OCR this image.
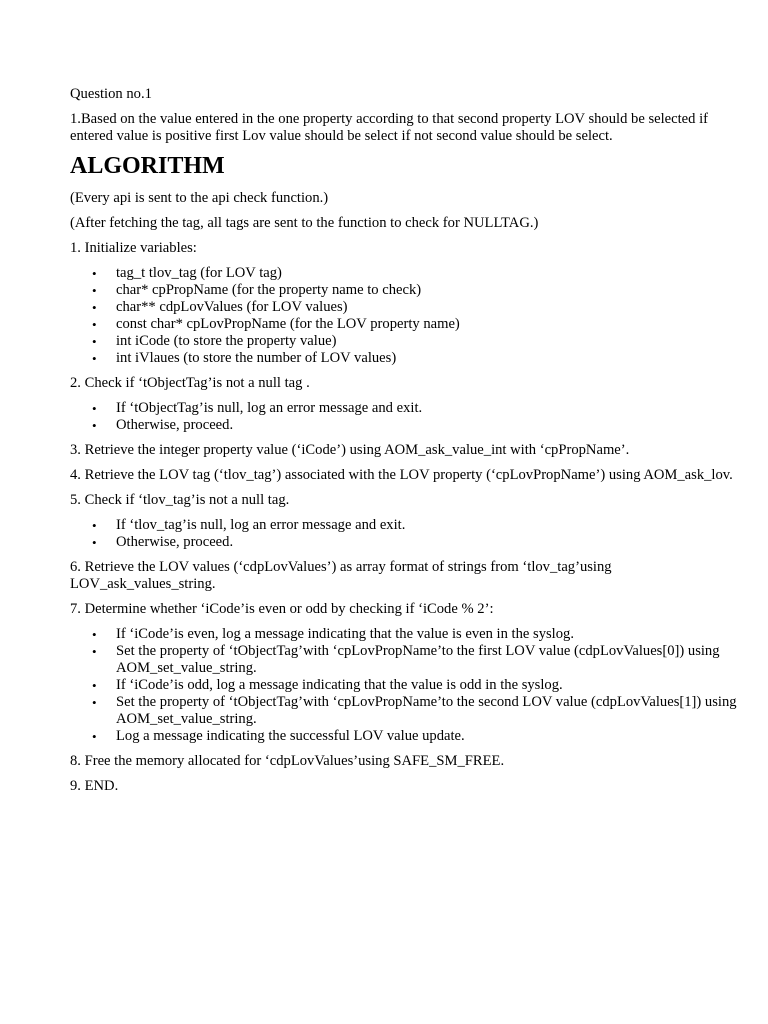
Question no.1

1.Based on the value entered in the one property according to that second property LOV should be selected if entered value is positive first Lov value should be select if not second value should be select.

ALGORITHM

(Every api is sent to the api check function.)

(After fetching the tag, all tags are sent to the function to check for NULLTAG.)

1. Initialize variables:

• tag_t tlov_tag (for LOV tag)
• char* cpPropName (for the property name to check)
• char** cdpLovValues (for LOV values)
• const char* cpLovPropName (for the LOV property name)
• int iCode (to store the property value)
• int iVlaues (to store the number of LOV values)

2. Check if ‘tObjectTag’is not a null tag .

• If ‘tObjectTag’is null, log an error message and exit.
• Otherwise, proceed.

3. Retrieve the integer property value (‘iCode’) using AOM_ask_value_int with ‘cpPropName’.

4. Retrieve the LOV tag (‘tlov_tag’) associated with the LOV property (‘cpLovPropName’) using AOM_ask_lov.

5. Check if ‘tlov_tag’is not a null tag.

• If ‘tlov_tag’is null, log an error message and exit.
• Otherwise, proceed.

6. Retrieve the LOV values (‘cdpLovValues’) as array format of strings from ‘tlov_tag’using LOV_ask_values_string.

7. Determine whether ‘iCode’is even or odd by checking if ‘iCode % 2’:

• If ‘iCode’is even, log a message indicating that the value is even in the syslog.
• Set the property of ‘tObjectTag’with ‘cpLovPropName’to the first LOV value (cdpLovValues[0]) using AOM_set_value_string.
• If ‘iCode’is odd, log a message indicating that the value is odd in the syslog.
• Set the property of ‘tObjectTag’with ‘cpLovPropName’to the second LOV value (cdpLovValues[1]) using AOM_set_value_string.
• Log a message indicating the successful LOV value update.

8. Free the memory allocated for ‘cdpLovValues’using SAFE_SM_FREE.

9. END.
